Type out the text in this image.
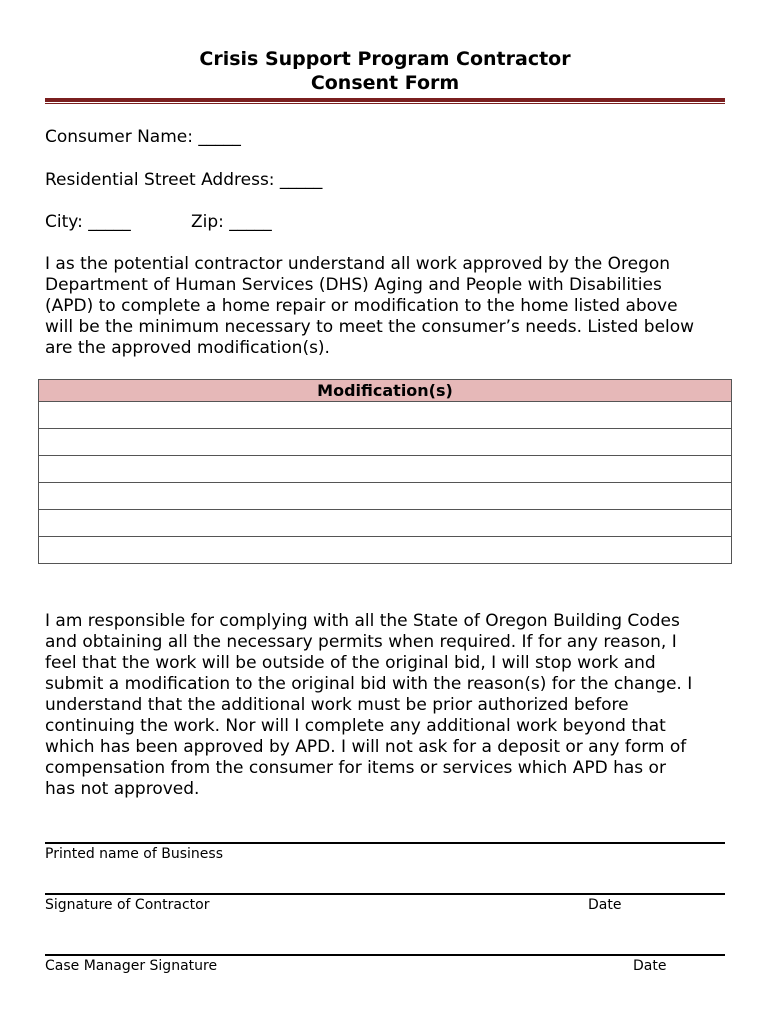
Crisis Support Program Contractor
Consent Form
Consumer Name: _____
Residential Street Address: _____
City: _____	Zip: _____
I as the potential contractor understand all work approved by the Oregon
Department of Human Services (DHS) Aging and People with Disabilities
(APD) to complete a home repair or modification to the home listed above
will be the minimum necessary to meet the consumer’s needs. Listed below
are the approved modification(s).
Modification(s)

I am responsible for complying with all the State of Oregon Building Codes
and obtaining all the necessary permits when required. If for any reason, I
feel that the work will be outside of the original bid, I will stop work and
submit a modification to the original bid with the reason(s) for the change. I
understand that the additional work must be prior authorized before
continuing the work. Nor will I complete any additional work beyond that
which has been approved by APD. I will not ask for a deposit or any form of
compensation from the consumer for items or services which APD has or
has not approved.
Printed name of Business
Signature of Contractor	Date
Case Manager Signature	Date
